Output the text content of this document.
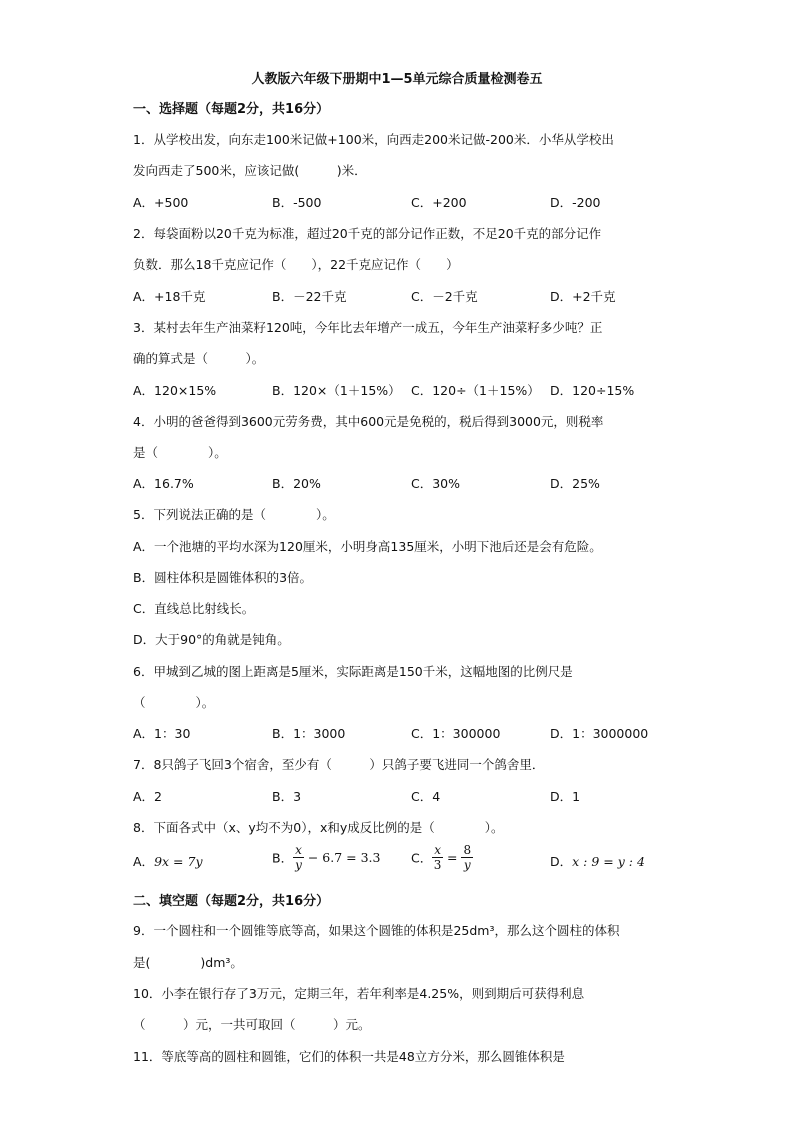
人教版六年级下册期中1—5单元综合质量检测卷五
一、选择题（每题2分，共16分）
1．从学校出发，向东走100米记做+100米，向西走200米记做-200米．小华从学校出
发向西走了500米，应该记做(　　　)米．
A．+500	B．-500	C．+200	D．-200
2．每袋面粉以20千克为标准，超过20千克的部分记作正数，不足20千克的部分记作
负数．那么18千克应记作（　　），22千克应记作（　　）
A．+18千克	B．－22千克	C．－2千克	D．+2千克
3．某村去年生产油菜籽120吨，今年比去年增产一成五，今年生产油菜籽多少吨？正
确的算式是（　　　）。
A．120×15%	B．120×（1＋15%） C．120÷（1＋15%） D．120÷15%
4．小明的爸爸得到3600元劳务费，其中600元是免税的，税后得到3000元，则税率
是（　　　　）。
A．16.7%	B．20%	C．30%	D．25%
5．下列说法正确的是（　　　　）。
A．一个池塘的平均水深为120厘米，小明身高135厘米，小明下池后还是会有危险。
B．圆柱体积是圆锥体积的3倍。
C．直线总比射线长。
D．大于90°的角就是钝角。
6．甲城到乙城的图上距离是5厘米，实际距离是150千米，这幅地图的比例尺是
（　　　　）。
A．1：30	B．1：3000	C．1：300000	D．1：3000000
7．8只鸽子飞回3个宿舍，至少有（　　　）只鸽子要飞进同一个鸽舍里．
A．2	B．3	C．4	D．1
8．下面各式中（x、y均不为0），x和y成反比例的是（　　　　）。
A．9x = 7y	B． $\frac{x}{y} - 6.7 = 3.3$ C． $\frac{x}{3} = \frac{8}{y}$	D．x : 9 = y : 4
二、填空题（每题2分，共16分）
9．一个圆柱和一个圆锥等底等高，如果这个圆锥的体积是25dm³，那么这个圆柱的体积
是(　　　　)dm³。
10．小李在银行存了3万元，定期三年，若年利率是4.25%，则到期后可获得利息
（　　　）元，一共可取回（　　　）元。
11．等底等高的圆柱和圆锥，它们的体积一共是48立方分米，那么圆锥体积是
